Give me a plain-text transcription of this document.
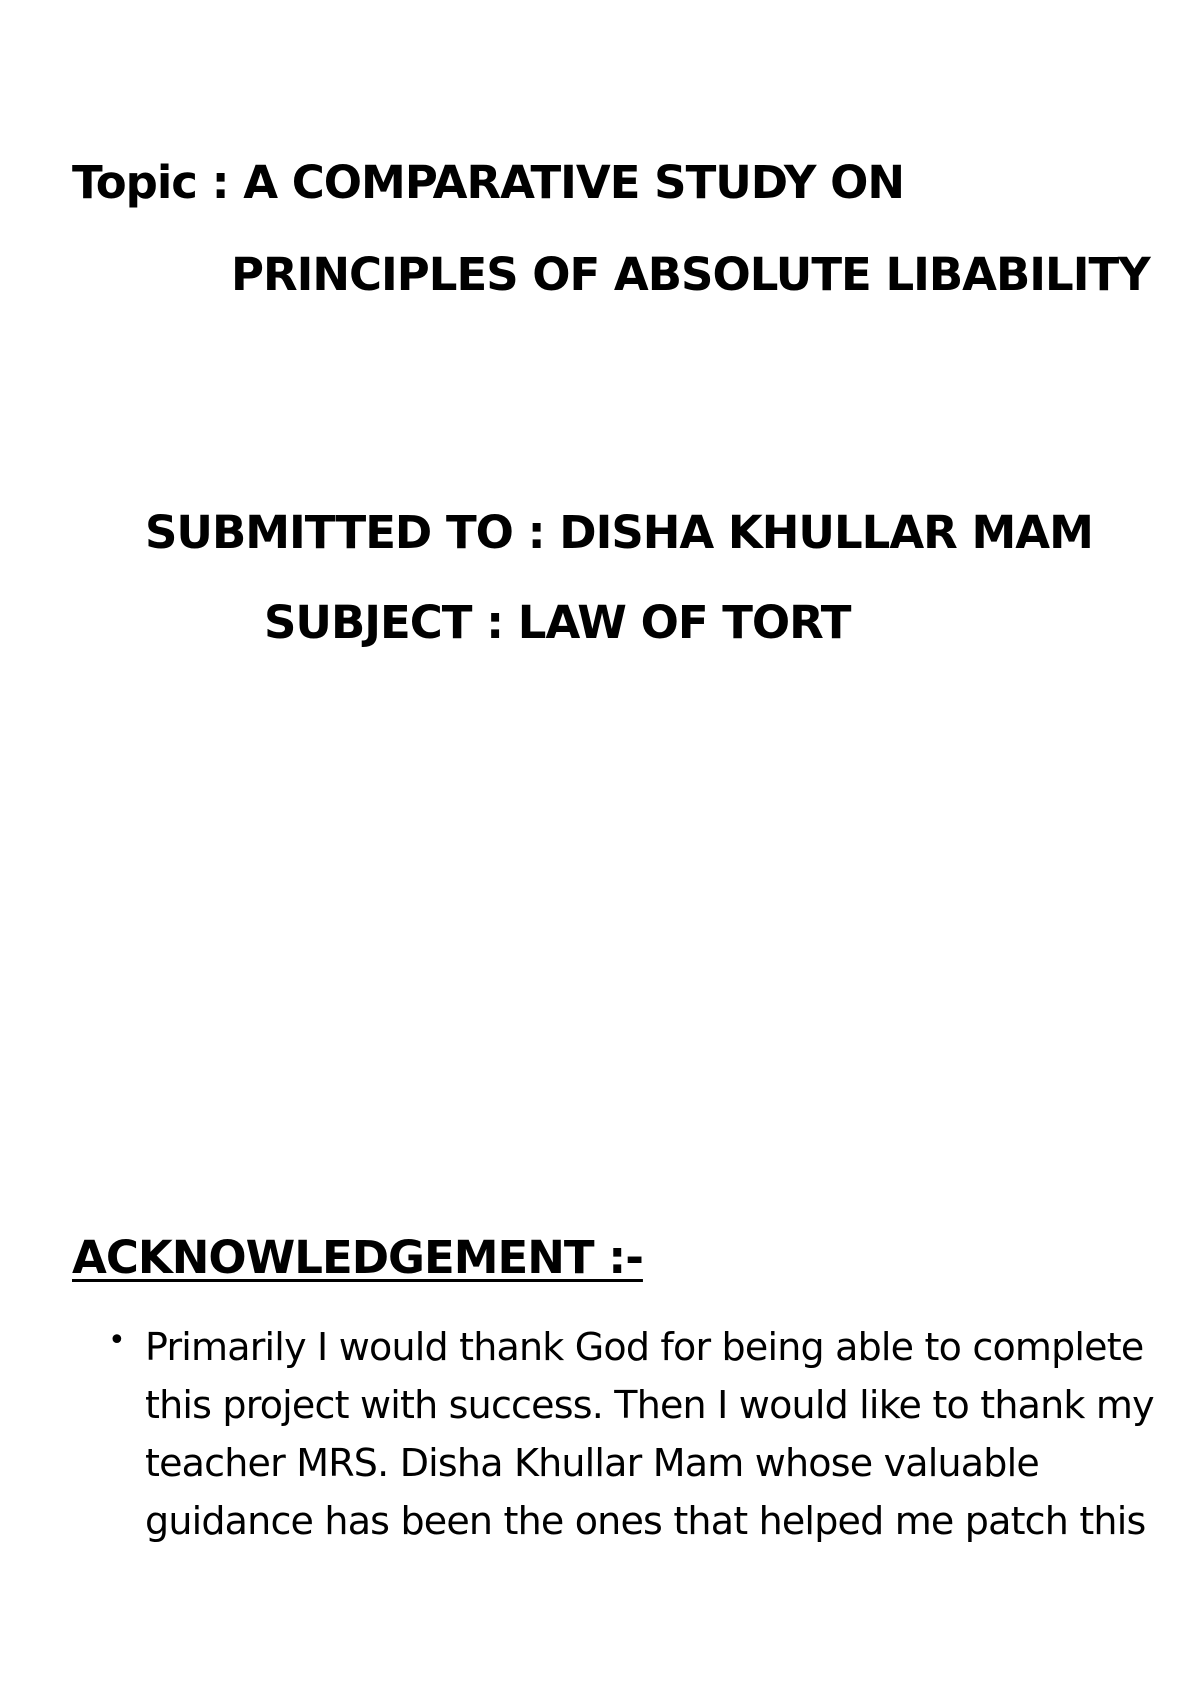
Topic : A COMPARATIVE STUDY ON
PRINCIPLES OF ABSOLUTE LIBABILITY
SUBMITTED TO : DISHA KHULLAR MAM
SUBJECT : LAW OF TORT
ACKNOWLEDGEMENT :-
• Primarily I would thank God for being able to complete
this project with success. Then I would like to thank my
teacher MRS. Disha Khullar Mam whose valuable
guidance has been the ones that helped me patch this
